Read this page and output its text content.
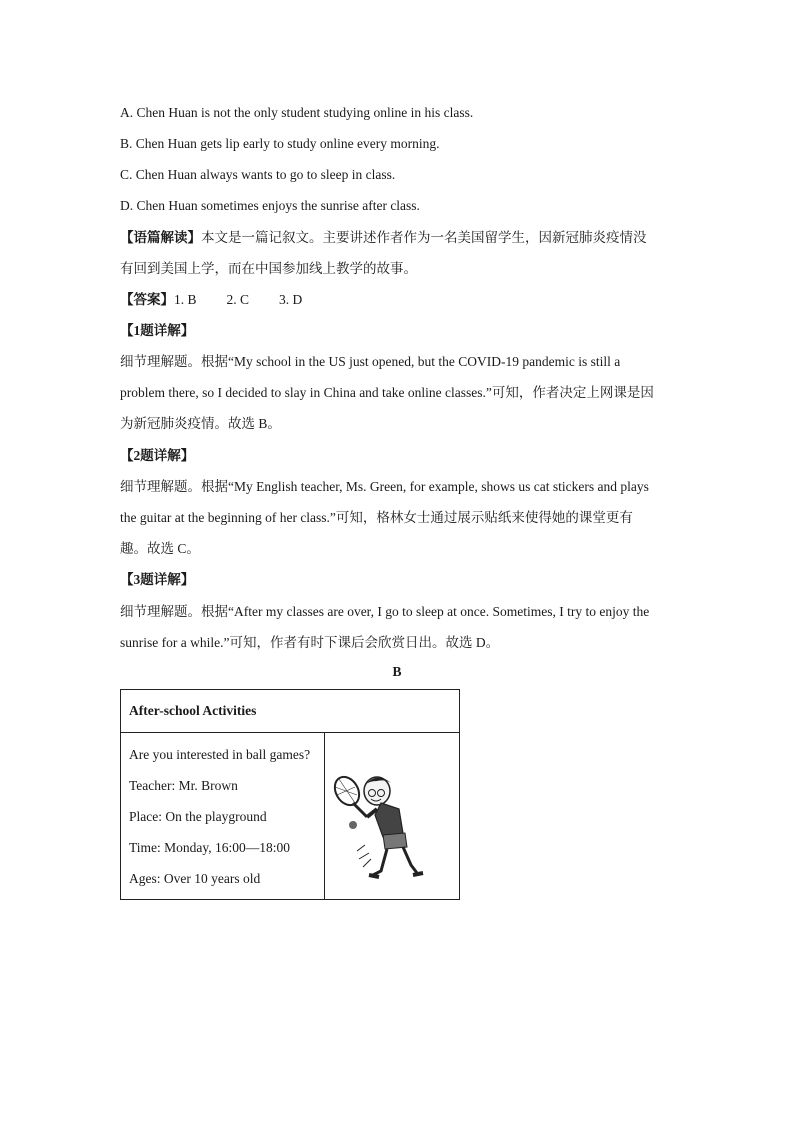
A. Chen Huan is not the only student studying online in his class.
B. Chen Huan gets lip early to study online every morning.
C. Chen Huan always wants to go to sleep in class.
D. Chen Huan sometimes enjoys the sunrise after class.
【语篇解读】本文是一篇记叙文。主要讲述作者作为一名美国留学生，因新冠肺炎疫情没
有回到美国上学，而在中国参加线上教学的故事。
【答案】1. B 2. C 3. D
【1题详解】
细节理解题。根据“My school in the US just opened, but the COVID-19 pandemic is still a
problem there, so I decided to slay in China and take online classes.”可知，作者决定上网课是因
为新冠肺炎疫情。故选 B。
【2题详解】
细节理解题。根据“My English teacher, Ms. Green, for example, shows us cat stickers and plays
the guitar at the beginning of her class.”可知，格林女士通过展示贴纸来使得她的课堂更有
趣。故选 C。
【3题详解】
细节理解题。根据“After my classes are over, I go to sleep at once. Sometimes, I try to enjoy the
sunrise for a while.”可知，作者有时下课后会欣赏日出。故选 D。
B
After-school Activities

Are you interested in ball games?
Teacher: Mr. Brown
Place: On the playground
Time: Monday, 16:00—18:00
Ages: Over 10 years old
